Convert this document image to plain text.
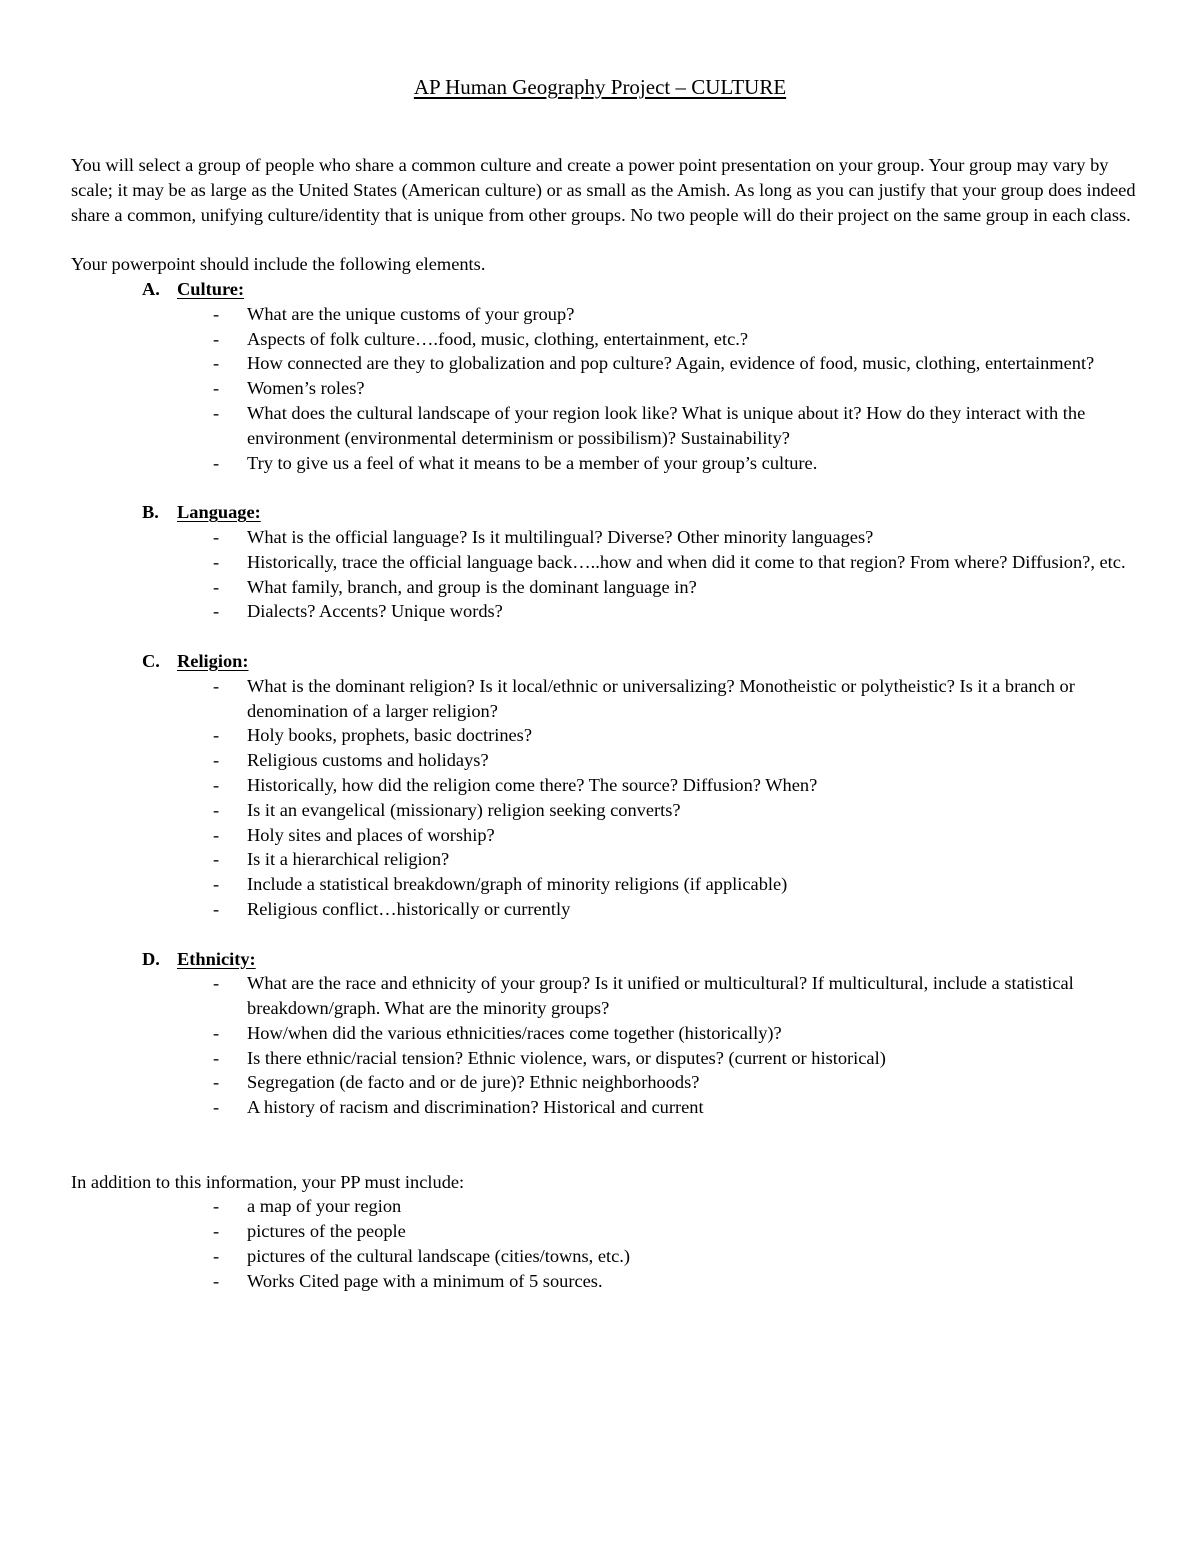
AP Human Geography Project – CULTURE

You will select a group of people who share a common culture and create a power point presentation on your group. Your group may vary by scale; it may be as large as the United States (American culture) or as small as the Amish. As long as you can justify that your group does indeed share a common, unifying culture/identity that is unique from other groups. No two people will do their project on the same group in each class.

Your powerpoint should include the following elements.

A. Culture:
- What are the unique customs of your group?
- Aspects of folk culture….food, music, clothing, entertainment, etc.?
- How connected are they to globalization and pop culture? Again, evidence of food, music, clothing, entertainment?
- Women’s roles?
- What does the cultural landscape of your region look like? What is unique about it? How do they interact with the environment (environmental determinism or possibilism)? Sustainability?
- Try to give us a feel of what it means to be a member of your group’s culture.
B. Language:
- What is the official language? Is it multilingual? Diverse? Other minority languages?
- Historically, trace the official language back…..how and when did it come to that region? From where? Diffusion?, etc.
- What family, branch, and group is the dominant language in?
- Dialects? Accents? Unique words?
C. Religion:
- What is the dominant religion? Is it local/ethnic or universalizing? Monotheistic or polytheistic? Is it a branch or denomination of a larger religion?
- Holy books, prophets, basic doctrines?
- Religious customs and holidays?
- Historically, how did the religion come there? The source? Diffusion? When?
- Is it an evangelical (missionary) religion seeking converts?
- Holy sites and places of worship?
- Is it a hierarchical religion?
- Include a statistical breakdown/graph of minority religions (if applicable)
- Religious conflict…historically or currently
D. Ethnicity:
- What are the race and ethnicity of your group? Is it unified or multicultural? If multicultural, include a statistical breakdown/graph. What are the minority groups?
- How/when did the various ethnicities/races come together (historically)?
- Is there ethnic/racial tension? Ethnic violence, wars, or disputes? (current or historical)
- Segregation (de facto and or de jure)? Ethnic neighborhoods?
- A history of racism and discrimination? Historical and current

In addition to this information, your PP must include:

- a map of your region
- pictures of the people
- pictures of the cultural landscape (cities/towns, etc.)
- Works Cited page with a minimum of 5 sources.
